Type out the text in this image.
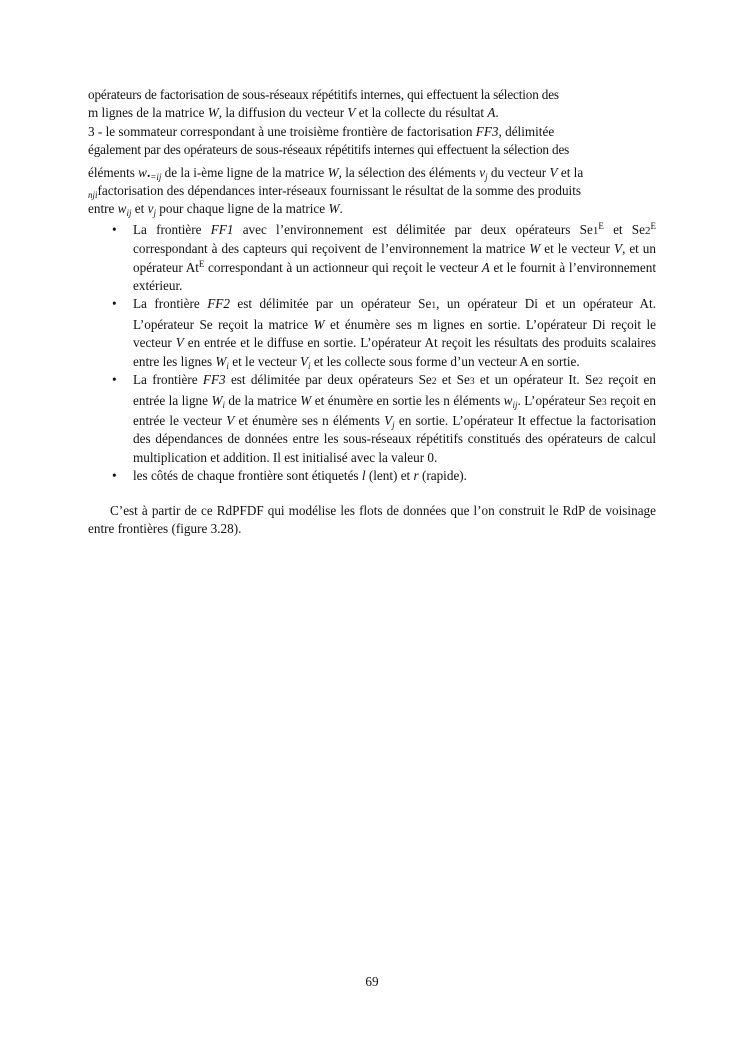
opérateurs de factorisation de sous-réseaux répétitifs internes, qui effectuent la sélection des

m lignes de la matrice W, la diffusion du vecteur V et la collecte du résultat A.

3 - le sommateur correspondant à une troisième frontière de factorisation FF3, délimitée

également par des opérateurs de sous-réseaux répétitifs internes qui effectuent la sélection des

éléments $w._{=ij}$ de la i-ème ligne de la matrice W, la sélection des éléments $v_j$ du vecteur V et la

$_{nji}$factorisation des dépendances inter-réseaux fournissant le résultat de la somme des produits

entre $w_{ij}$ et $v_j$ pour chaque ligne de la matrice W.

• La frontière FF1 avec l’environnement est délimitée par deux opérateurs $Se1^E$ et $Se2^E$ correspondant à des capteurs qui reçoivent de l’environnement la matrice W et le vecteur V, et un opérateur $At^E$ correspondant à un actionneur qui reçoit le vecteur A et le fournit à l’environnement extérieur.
• La frontière FF2 est délimitée par un opérateur Se1, un opérateur Di et un opérateur At. L’opérateur Se reçoit la matrice W et énumère ses m lignes en sortie. L’opérateur Di reçoit le vecteur V en entrée et le diffuse en sortie. L’opérateur At reçoit les résultats des produits scalaires entre les lignes $W_i$ et le vecteur $V_i$ et les collecte sous forme d’un vecteur A en sortie.
• La frontière FF3 est délimitée par deux opérateurs Se2 et Se3 et un opérateur It. Se2 reçoit en entrée la ligne $W_i$ de la matrice W et énumère en sortie les n éléments $w_{ij}$. L’opérateur Se3 reçoit en entrée le vecteur V et énumère ses n éléments $V_j$ en sortie. L’opérateur It effectue la factorisation des dépendances de données entre les sous-réseaux répétitifs constitués des opérateurs de calcul multiplication et addition. Il est initialisé avec la valeur 0.
• les côtés de chaque frontière sont étiquetés l (lent) et r (rapide).

C’est à partir de ce RdPFDF qui modélise les flots de données que l’on construit le RdP de voisinage entre frontières (figure 3.28).

69
